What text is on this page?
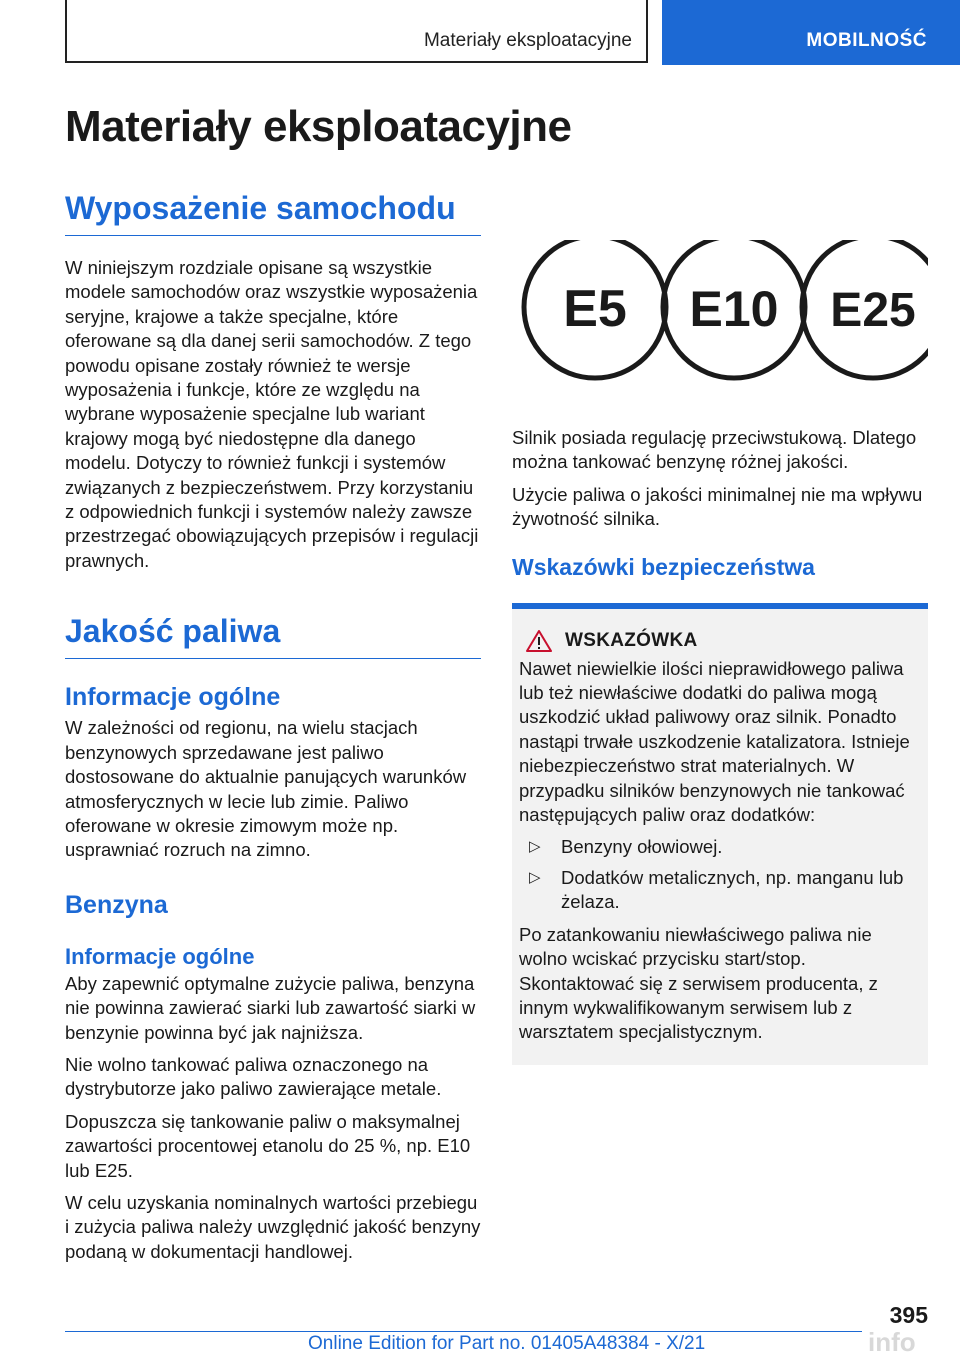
Materiały eksploatacyjne	MOBILNOŚĆ
Materiały eksploatacyjne
Wyposażenie samochodu

W niniejszym rozdziale opisane są wszystkie modele samochodów oraz wszystkie wyposażenia seryjne, krajowe a także specjalne, które oferowane są dla danej serii samochodów. Z tego powodu opisane zostały również te wersje wyposażenia i funkcje, które ze względu na wybrane wyposażenie specjalne lub wariant krajowy mogą być niedostępne dla danego modelu. Dotyczy to również funkcji i systemów związanych z bezpieczeństwem. Przy korzystaniu z odpowiednich funkcji i systemów należy zawsze przestrzegać obowiązujących przepisów i regulacji prawnych.

Jakość paliwa
Informacje ogólne

W zależności od regionu, na wielu stacjach benzynowych sprzedawane jest paliwo dostosowane do aktualnie panujących warunków atmosferycznych w lecie lub zimie. Paliwo oferowane w okresie zimowym może np. usprawniać rozruch na zimno.

Benzyna
Informacje ogólne

Aby zapewnić optymalne zużycie paliwa, benzyna nie powinna zawierać siarki lub zawartość siarki w benzynie powinna być jak najniższa.

Nie wolno tankować paliwa oznaczonego na dystrybutorze jako paliwo zawierające metale.

Dopuszcza się tankowanie paliw o maksymalnej zawartości procentowej etanolu do 25 %, np. E10 lub E25.

W celu uzyskania nominalnych wartości przebiegu i zużycia paliwa należy uwzględnić jakość benzyny podaną w dokumentacji handlowej.

E5 E10 E25

Silnik posiada regulację przeciwstukową. Dlatego można tankować benzynę różnej jakości.

Użycie paliwa o jakości minimalnej nie ma wpływu żywotność silnika.

Wskazówki bezpieczeństwa
WSKAZÓWKA

Nawet niewielkie ilości nieprawidłowego paliwa lub też niewłaściwe dodatki do paliwa mogą uszkodzić układ paliwowy oraz silnik. Ponadto nastąpi trwałe uszkodzenie katalizatora. Istnieje niebezpieczeństwo strat materialnych. W przypadku silników benzynowych nie tankować następujących paliw oraz dodatków:

▷	Benzyny ołowiowej.
▷	Dodatków metalicznych, np. manganu lub żelaza.

Po zatankowaniu niewłaściwego paliwa nie wolno wciskać przycisku start/stop. Skontaktować się z serwisem producenta, z innym wykwalifikowanym serwisem lub z warsztatem specjalistycznym.

395
Online Edition for Part no. 01405A48384 - X/21	info
